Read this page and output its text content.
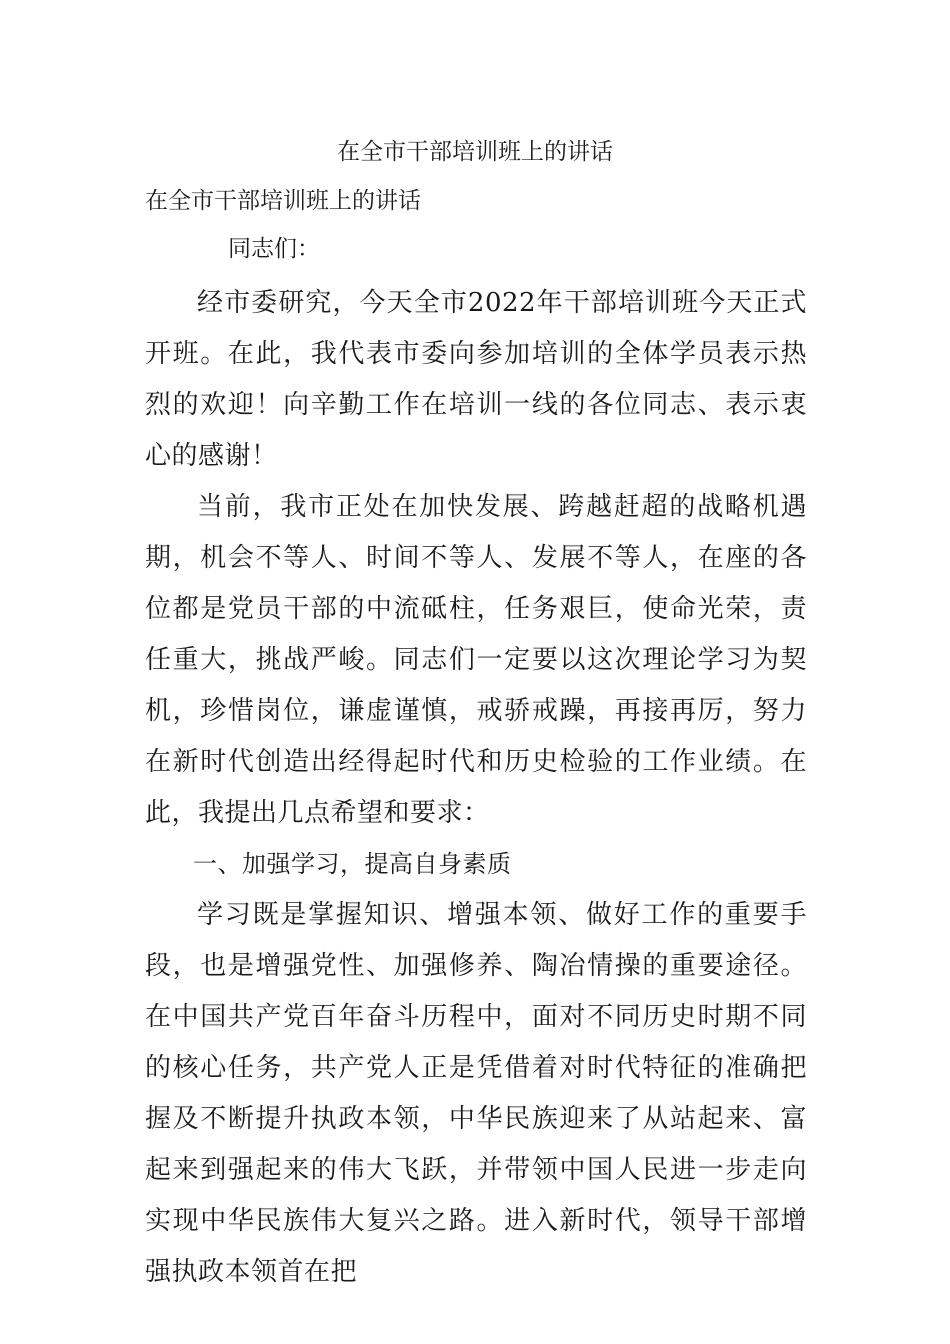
在全市干部培训班上的讲话
在全市干部培训班上的讲话
同志们：

经市委研究，今天全市2022年干部培训班今天正式开班。在此，我代表市委向参加培训的全体学员表示热烈的欢迎！向辛勤工作在培训一线的各位同志、表示衷心的感谢！

当前，我市正处在加快发展、跨越赶超的战略机遇期，机会不等人、时间不等人、发展不等人，在座的各位都是党员干部的中流砥柱，任务艰巨，使命光荣，责任重大，挑战严峻。同志们一定要以这次理论学习为契机，珍惜岗位，谦虚谨慎，戒骄戒躁，再接再厉，努力在新时代创造出经得起时代和历史检验的工作业绩。在此，我提出几点希望和要求：

一、加强学习，提高自身素质

学习既是掌握知识、增强本领、做好工作的重要手段，也是增强党性、加强修养、陶冶情操的重要途径。在中国共产党百年奋斗历程中，面对不同历史时期不同的核心任务，共产党人正是凭借着对时代特征的准确把握及不断提升执政本领，中华民族迎来了从站起来、富起来到强起来的伟大飞跃，并带领中国人民进一步走向实现中华民族伟大复兴之路。进入新时代，领导干部增强执政本领首在把
